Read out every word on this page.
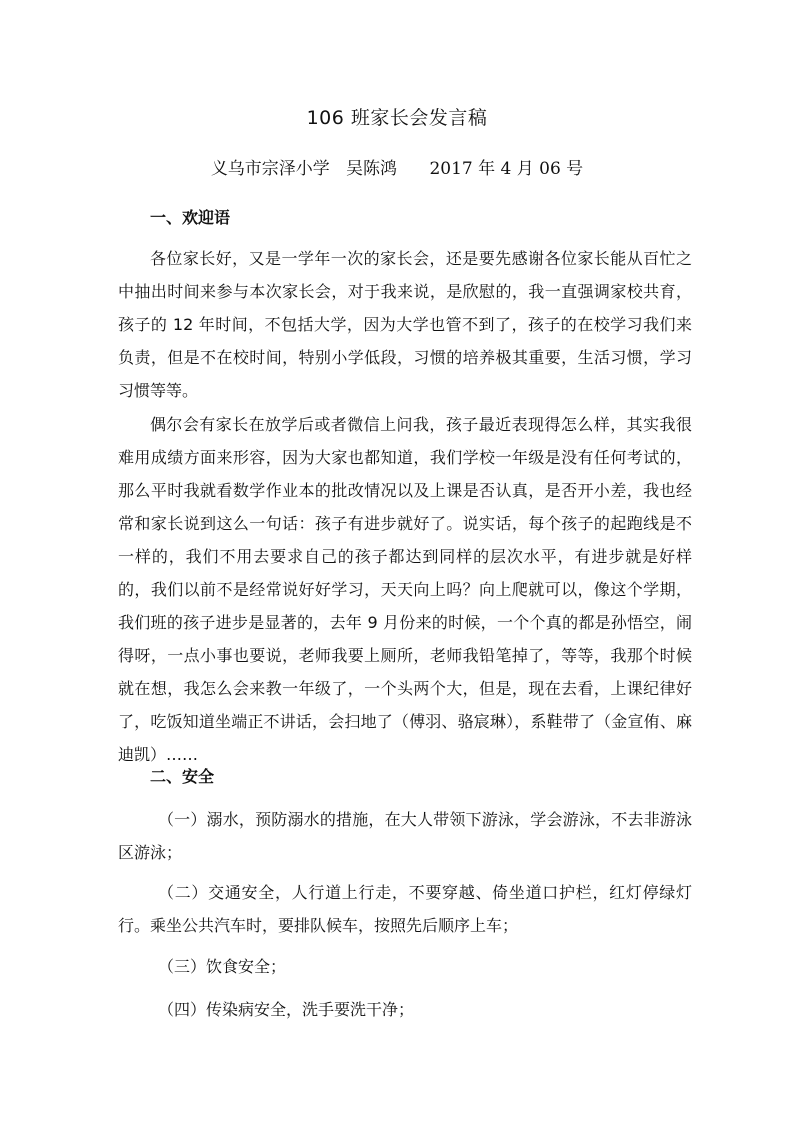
106 班家长会发言稿
义乌市宗泽小学   吴陈鸿      2017 年 4 月 06 号
一、欢迎语

各位家长好，又是一学年一次的家长会，还是要先感谢各位家长能从百忙之中抽出时间来参与本次家长会，对于我来说，是欣慰的，我一直强调家校共育，孩子的 12 年时间，不包括大学，因为大学也管不到了，孩子的在校学习我们来负责，但是不在校时间，特别小学低段，习惯的培养极其重要，生活习惯，学习习惯等等。

偶尔会有家长在放学后或者微信上问我，孩子最近表现得怎么样，其实我很难用成绩方面来形容，因为大家也都知道，我们学校一年级是没有任何考试的，那么平时我就看数学作业本的批改情况以及上课是否认真，是否开小差，我也经常和家长说到这么一句话：孩子有进步就好了。说实话，每个孩子的起跑线是不一样的，我们不用去要求自己的孩子都达到同样的层次水平，有进步就是好样的，我们以前不是经常说好好学习，天天向上吗？向上爬就可以，像这个学期，我们班的孩子进步是显著的，去年 9 月份来的时候，一个个真的都是孙悟空，闹得呀，一点小事也要说，老师我要上厕所，老师我铅笔掉了，等等，我那个时候就在想，我怎么会来教一年级了，一个头两个大，但是，现在去看，上课纪律好了，吃饭知道坐端正不讲话，会扫地了（傅羽、骆宸琳），系鞋带了（金宣侑、麻迪凯）……

二、安全
（一）溺水，预防溺水的措施，在大人带领下游泳，学会游泳，不去非游泳区游泳；
（二）交通安全，人行道上行走，不要穿越、倚坐道口护栏，红灯停绿灯行。乘坐公共汽车时，要排队候车，按照先后顺序上车；
（三）饮食安全；
（四）传染病安全，洗手要洗干净；
